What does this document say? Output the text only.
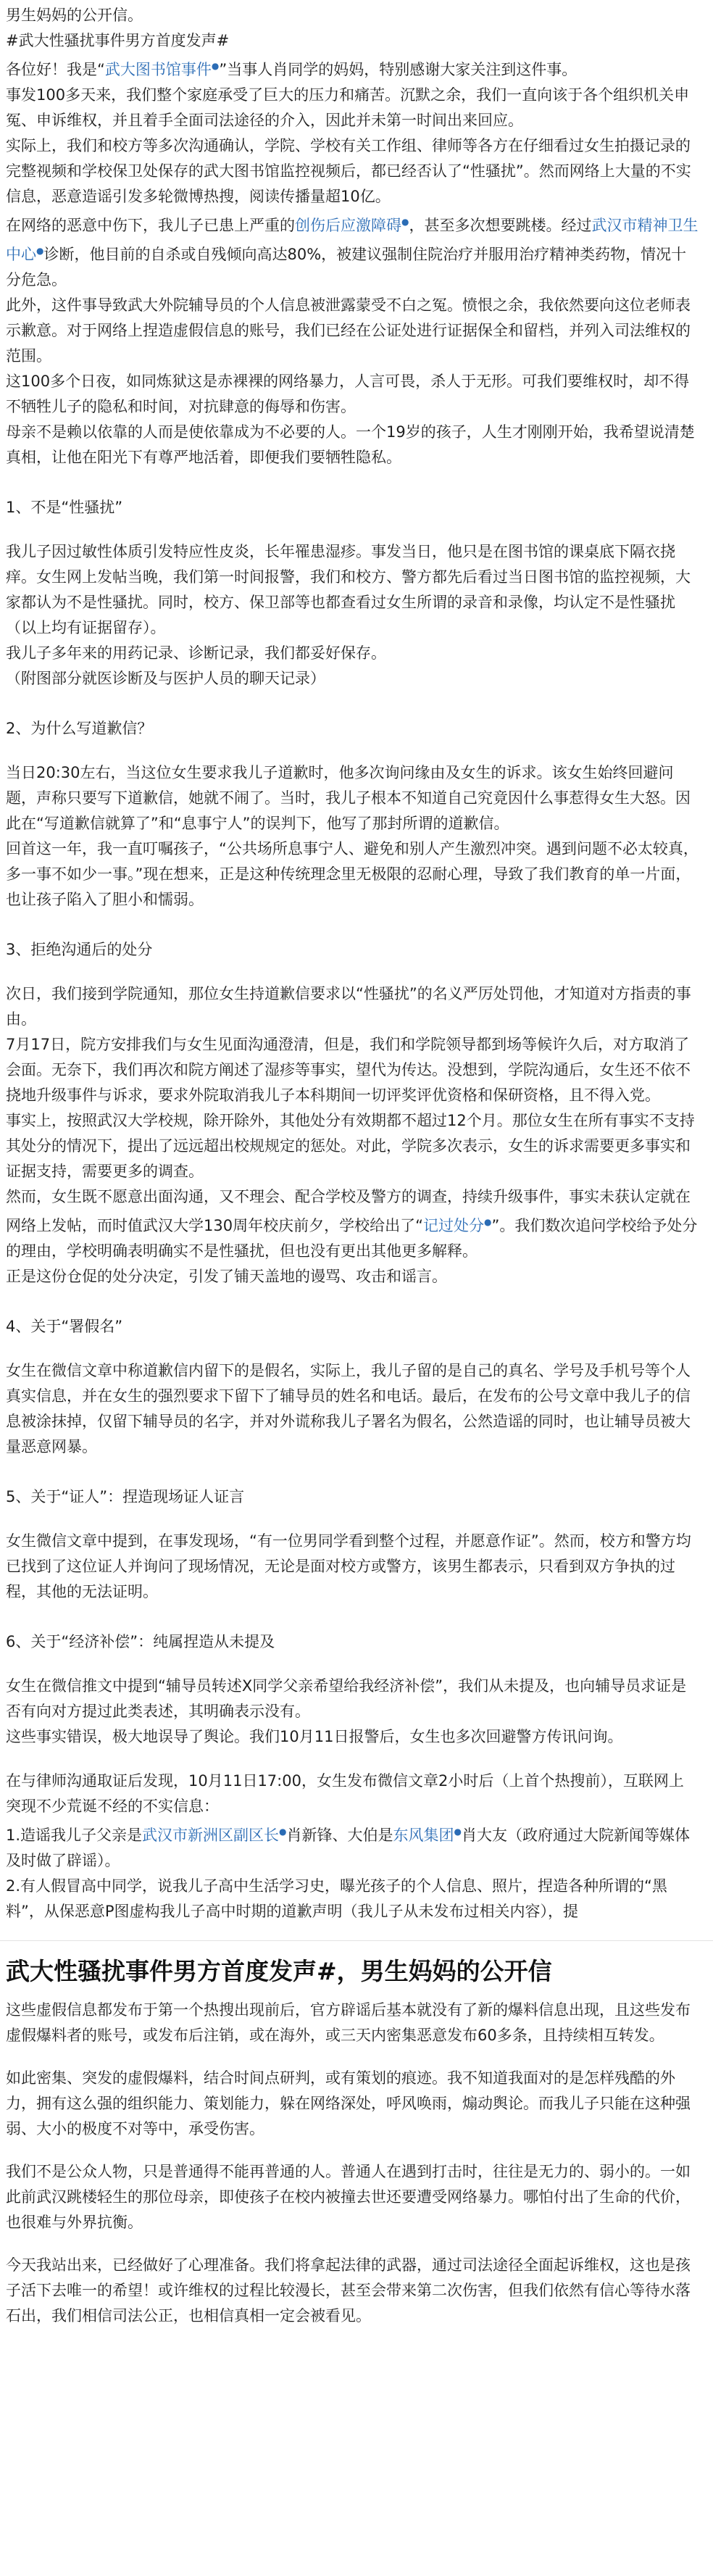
男生妈妈的公开信。

#武大性骚扰事件男方首度发声#

各位好！我是“武大图书馆事件●”当事人肖同学的妈妈，特别感谢大家关注到这件事。

事发100多天来，我们整个家庭承受了巨大的压力和痛苦。沉默之余，我们一直向该于各个组织机关申冤、申诉维权，并且着手全面司法途径的介入，因此并未第一时间出来回应。

实际上，我们和校方等多次沟通确认，学院、学校有关工作组、律师等各方在仔细看过女生拍摄记录的完整视频和学校保卫处保存的武大图书馆监控视频后，都已经否认了“性骚扰”。然而网络上大量的不实信息，恶意造谣引发多轮微博热搜，阅读传播量超10亿。

在网络的恶意中伤下，我儿子已患上严重的创伤后应激障碍●，甚至多次想要跳楼。经过武汉市精神卫生中心●诊断，他目前的自杀或自残倾向高达80%，被建议强制住院治疗并服用治疗精神类药物，情况十分危急。

此外，这件事导致武大外院辅导员的个人信息被泄露蒙受不白之冤。愤恨之余，我依然要向这位老师表示歉意。对于网络上捏造虚假信息的账号，我们已经在公证处进行证据保全和留档，并列入司法维权的范围。

这100多个日夜，如同炼狱这是赤裸裸的网络暴力，人言可畏，杀人于无形。可我们要维权时，却不得不牺牲儿子的隐私和时间，对抗肆意的侮辱和伤害。

母亲不是赖以依靠的人而是使依靠成为不必要的人。一个19岁的孩子，人生才刚刚开始，我希望说清楚真相，让他在阳光下有尊严地活着，即便我们要牺牲隐私。

1、不是“性骚扰”

我儿子因过敏性体质引发特应性皮炎，长年罹患湿疹。事发当日，他只是在图书馆的课桌底下隔衣挠痒。女生网上发帖当晚，我们第一时间报警，我们和校方、警方都先后看过当日图书馆的监控视频，大家都认为不是性骚扰。同时，校方、保卫部等也都查看过女生所谓的录音和录像，均认定不是性骚扰（以上均有证据留存）。

我儿子多年来的用药记录、诊断记录，我们都妥好保存。

（附图部分就医诊断及与医护人员的聊天记录）

2、为什么写道歉信？

当日20:30左右，当这位女生要求我儿子道歉时，他多次询问缘由及女生的诉求。该女生始终回避问题，声称只要写下道歉信，她就不闹了。当时，我儿子根本不知道自己究竟因什么事惹得女生大怒。因此在“写道歉信就算了”和“息事宁人”的误判下，他写了那封所谓的道歉信。

回首这一年，我一直叮嘱孩子，“公共场所息事宁人、避免和别人产生激烈冲突。遇到问题不必太较真，多一事不如少一事。”现在想来，正是这种传统理念里无极限的忍耐心理，导致了我们教育的单一片面，也让孩子陷入了胆小和懦弱。

3、拒绝沟通后的处分

次日，我们接到学院通知，那位女生持道歉信要求以“性骚扰”的名义严厉处罚他，才知道对方指责的事由。

7月17日，院方安排我们与女生见面沟通澄清，但是，我们和学院领导都到场等候许久后，对方取消了会面。无奈下，我们再次和院方阐述了湿疹等事实，望代为传达。没想到，学院沟通后，女生还不依不挠地升级事件与诉求，要求外院取消我儿子本科期间一切评奖评优资格和保研资格，且不得入党。

事实上，按照武汉大学校规，除开除外，其他处分有效期都不超过12个月。那位女生在所有事实不支持其处分的情况下，提出了远远超出校规规定的惩处。对此，学院多次表示，女生的诉求需要更多事实和证据支持，需要更多的调查。

然而，女生既不愿意出面沟通，又不理会、配合学校及警方的调查，持续升级事件，事实未获认定就在网络上发帖，而时值武汉大学130周年校庆前夕，学校给出了“记过处分●”。我们数次追问学校给予处分的理由，学校明确表明确实不是性骚扰，但也没有更出其他更多解释。

正是这份仓促的处分决定，引发了铺天盖地的谩骂、攻击和谣言。

4、关于“署假名”

女生在微信文章中称道歉信内留下的是假名，实际上，我儿子留的是自己的真名、学号及手机号等个人真实信息，并在女生的强烈要求下留下了辅导员的姓名和电话。最后，在发布的公号文章中我儿子的信息被涂抹掉，仅留下辅导员的名字，并对外谎称我儿子署名为假名，公然造谣的同时，也让辅导员被大量恶意网暴。

5、关于“证人”：捏造现场证人证言

女生微信文章中提到，在事发现场，“有一位男同学看到整个过程，并愿意作证”。然而，校方和警方均已找到了这位证人并询问了现场情况，无论是面对校方或警方，该男生都表示，只看到双方争执的过程，其他的无法证明。

6、关于“经济补偿”：纯属捏造从未提及

女生在微信推文中提到“辅导员转述X同学父亲希望给我经济补偿”，我们从未提及，也向辅导员求证是否有向对方提过此类表述，其明确表示没有。

这些事实错误，极大地误导了舆论。我们10月11日报警后，女生也多次回避警方传讯问询。

在与律师沟通取证后发现，10月11日17:00，女生发布微信文章2小时后（上首个热搜前），互联网上突现不少荒诞不经的不实信息：

1.造谣我儿子父亲是武汉市新洲区副区长●肖新锋、大伯是东风集团●肖大友（政府通过大院新闻等媒体及时做了辟谣）。

2.有人假冒高中同学，说我儿子高中生活学习史，曝光孩子的个人信息、照片，捏造各种所谓的“黑料”，从保恶意P图虚构我儿子高中时期的道歉声明（我儿子从未发布过相关内容），提

武大性骚扰事件男方首度发声#，男生妈妈的公开信

这些虚假信息都发布于第一个热搜出现前后，官方辟谣后基本就没有了新的爆料信息出现，且这些发布虚假爆料者的账号，或发布后注销，或在海外，或三天内密集恶意发布60多条，且持续相互转发。

如此密集、突发的虚假爆料，结合时间点研判，或有策划的痕迹。我不知道我面对的是怎样残酷的外力，拥有这么强的组织能力、策划能力，躲在网络深处，呼风唤雨，煽动舆论。而我儿子只能在这种强弱、大小的极度不对等中，承受伤害。

我们不是公众人物，只是普通得不能再普通的人。普通人在遇到打击时，往往是无力的、弱小的。一如此前武汉跳楼轻生的那位母亲，即使孩子在校内被撞去世还要遭受网络暴力。哪怕付出了生命的代价，也很难与外界抗衡。

今天我站出来，已经做好了心理准备。我们将拿起法律的武器，通过司法途径全面起诉维权，这也是孩子活下去唯一的希望！或许维权的过程比较漫长，甚至会带来第二次伤害，但我们依然有信心等待水落石出，我们相信司法公正，也相信真相一定会被看见。
